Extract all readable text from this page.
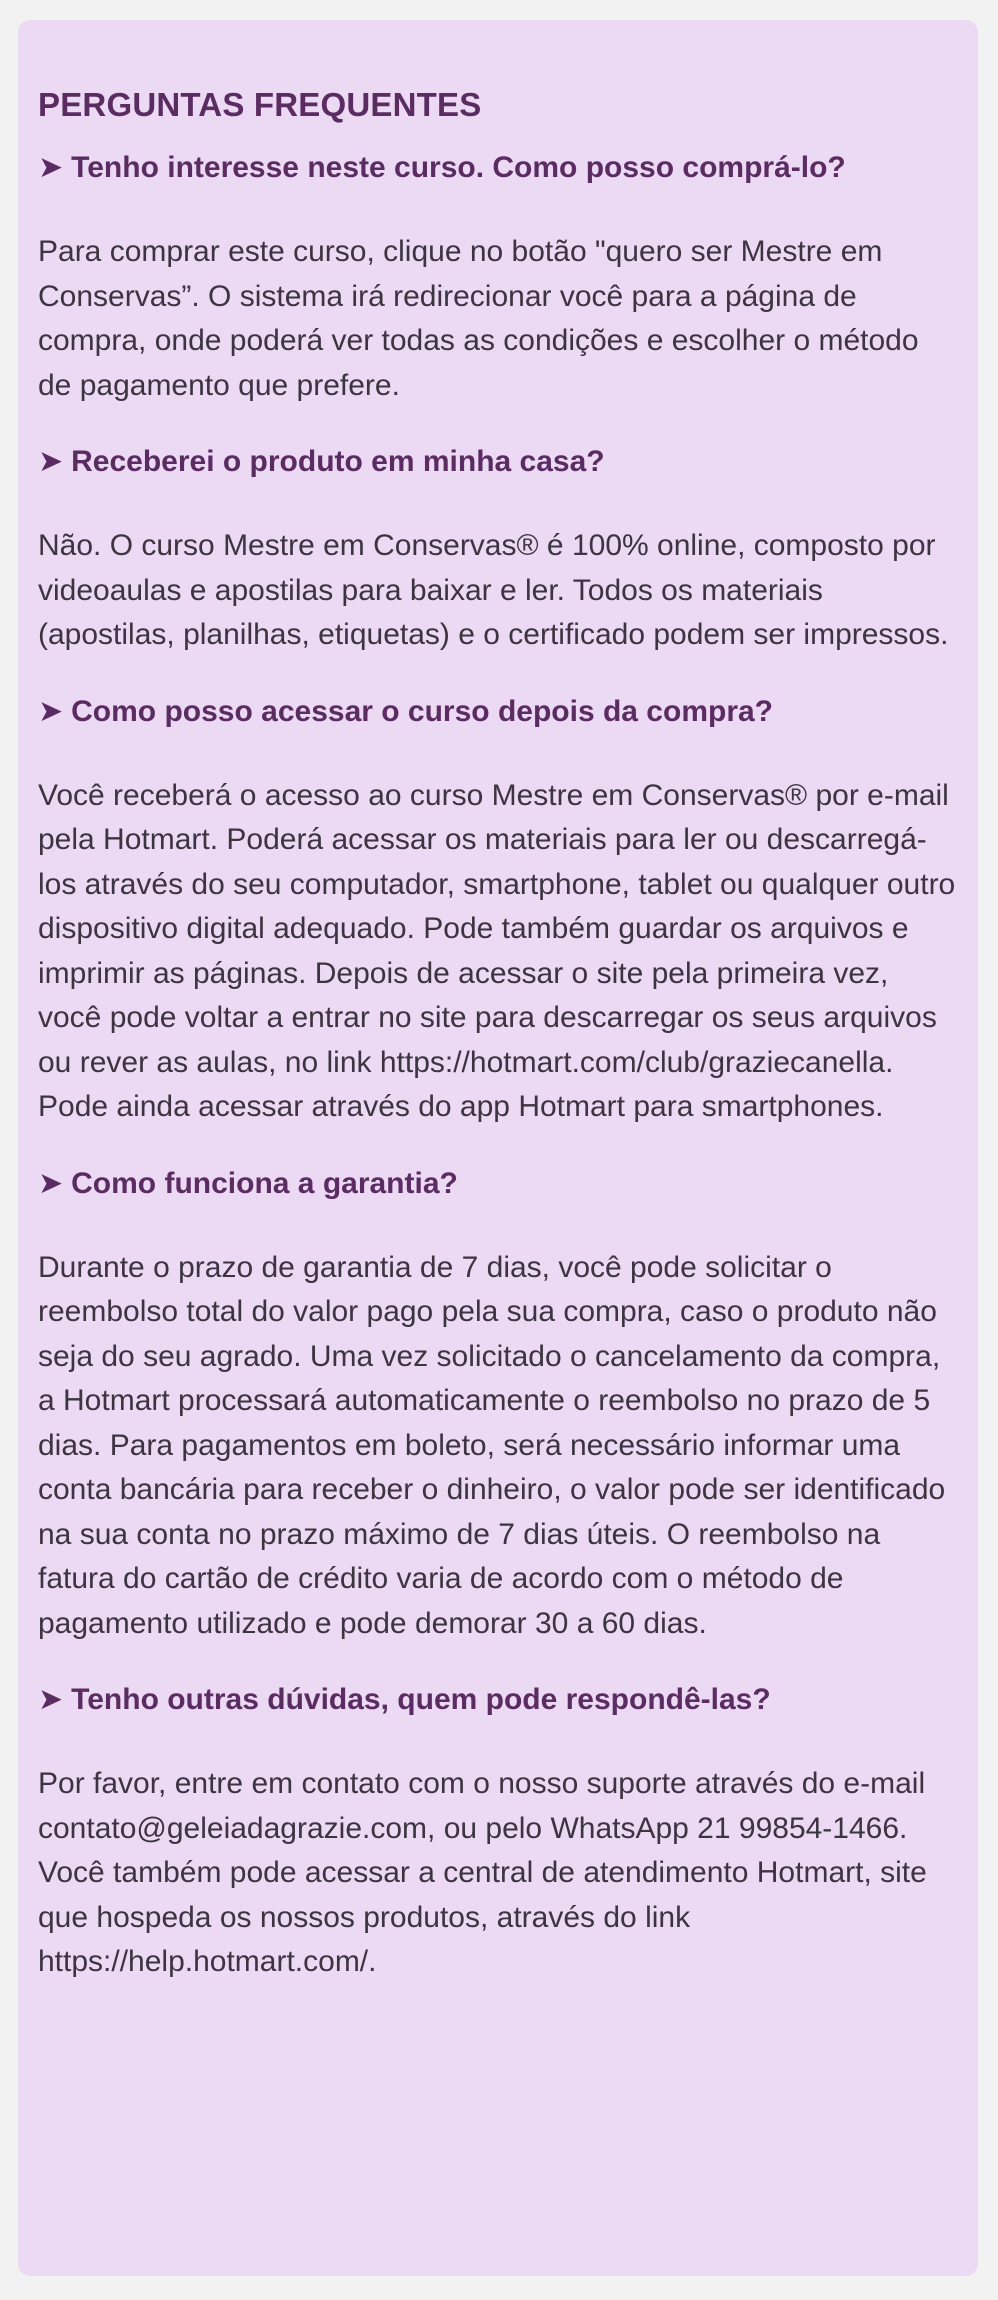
PERGUNTAS FREQUENTES
➤ Tenho interesse neste curso. Como posso comprá-lo?

Para comprar este curso, clique no botão "quero ser Mestre em Conservas”. O sistema irá redirecionar você para a página de compra, onde poderá ver todas as condições e escolher o método de pagamento que prefere.

➤ Receberei o produto em minha casa?

Não. O curso Mestre em Conservas® é 100% online, composto por videoaulas e apostilas para baixar e ler. Todos os materiais (apostilas, planilhas, etiquetas) e o certificado podem ser impressos.

➤ Como posso acessar o curso depois da compra?

Você receberá o acesso ao curso Mestre em Conservas® por e-mail pela Hotmart. Poderá acessar os materiais para ler ou descarregá-los através do seu computador, smartphone, tablet ou qualquer outro dispositivo digital adequado. Pode também guardar os arquivos e imprimir as páginas. Depois de acessar o site pela primeira vez, você pode voltar a entrar no site para descarregar os seus arquivos ou rever as aulas, no link https://hotmart.com/club/graziecanella. Pode ainda acessar através do app Hotmart para smartphones.

➤ Como funciona a garantia?

Durante o prazo de garantia de 7 dias, você pode solicitar o reembolso total do valor pago pela sua compra, caso o produto não seja do seu agrado. Uma vez solicitado o cancelamento da compra, a Hotmart processará automaticamente o reembolso no prazo de 5 dias. Para pagamentos em boleto, será necessário informar uma conta bancária para receber o dinheiro, o valor pode ser identificado na sua conta no prazo máximo de 7 dias úteis. O reembolso na fatura do cartão de crédito varia de acordo com o método de pagamento utilizado e pode demorar 30 a 60 dias.

➤ Tenho outras dúvidas, quem pode respondê-las?

Por favor, entre em contato com o nosso suporte através do e-mail contato@geleiadagrazie.com, ou pelo WhatsApp 21 99854-1466. Você também pode acessar a central de atendimento Hotmart, site que hospeda os nossos produtos, através do link https://help.hotmart.com/.
